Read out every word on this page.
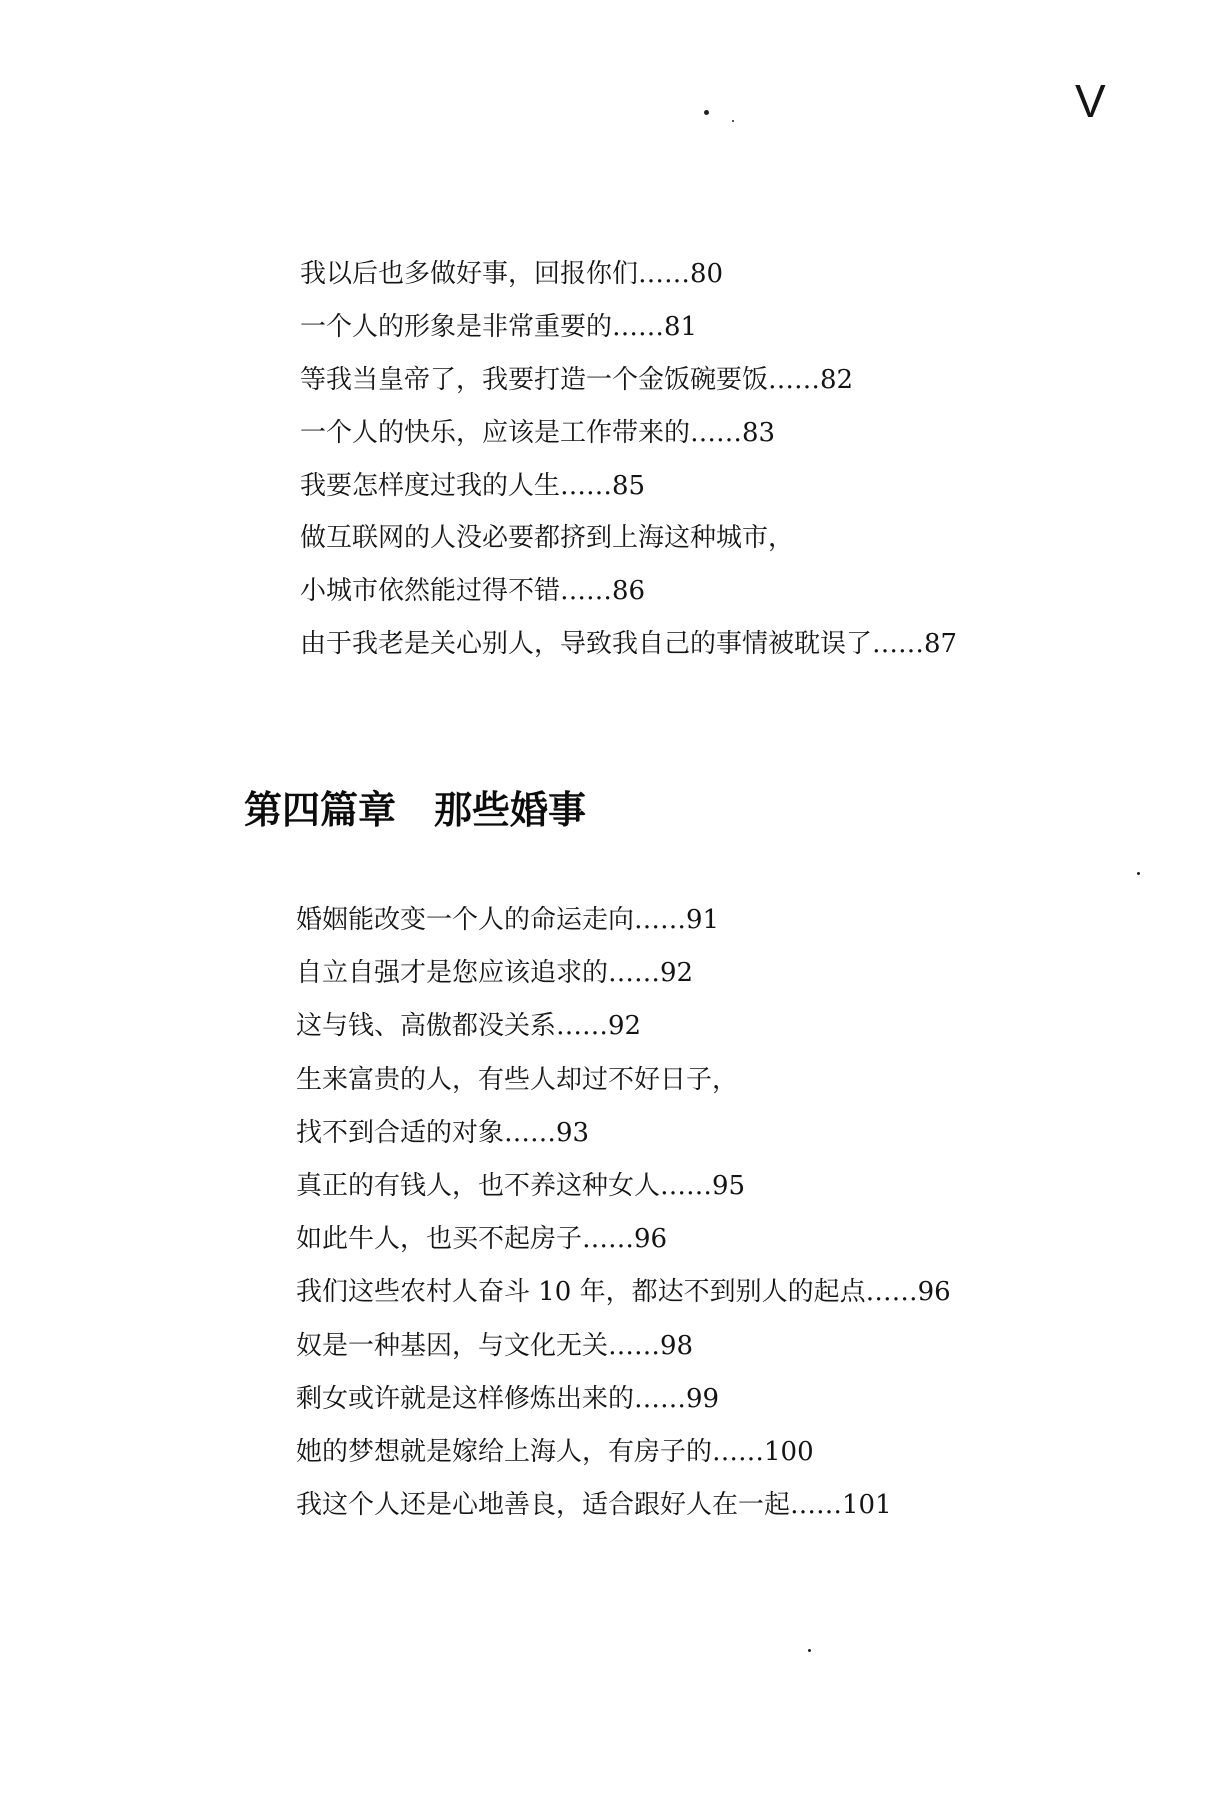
V
我以后也多做好事，回报你们……80
一个人的形象是非常重要的……81
等我当皇帝了，我要打造一个金饭碗要饭……82
一个人的快乐，应该是工作带来的……83
我要怎样度过我的人生……85
做互联网的人没必要都挤到上海这种城市，
小城市依然能过得不错……86
由于我老是关心别人，导致我自己的事情被耽误了……87
第四篇章　那些婚事
婚姻能改变一个人的命运走向……91
自立自强才是您应该追求的……92
这与钱、高傲都没关系……92
生来富贵的人，有些人却过不好日子，
找不到合适的对象……93
真正的有钱人，也不养这种女人……95
如此牛人，也买不起房子……96
我们这些农村人奋斗 10 年，都达不到别人的起点……96
奴是一种基因，与文化无关……98
剩女或许就是这样修炼出来的……99
她的梦想就是嫁给上海人，有房子的……100
我这个人还是心地善良，适合跟好人在一起……101
